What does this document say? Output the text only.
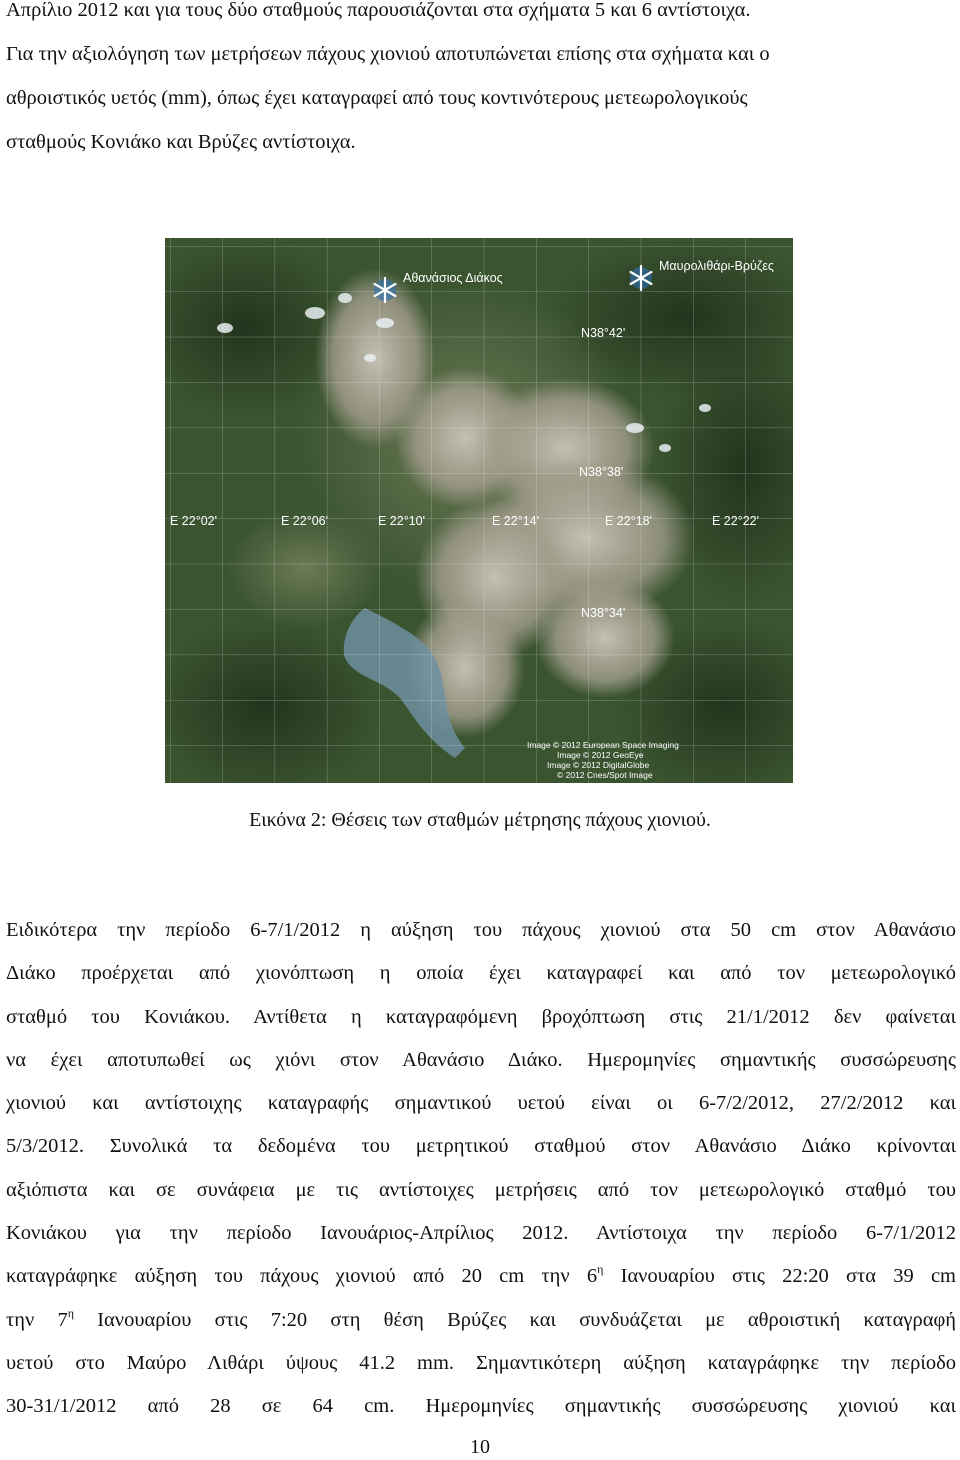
Απρίλιο 2012 και για τους δύο σταθμούς παρουσιάζονται στα σχήματα 5 και 6 αντίστοιχα.
Για την αξιολόγηση των μετρήσεων πάχους χιονιού αποτυπώνεται επίσης στα σχήματα και ο
αθροιστικός υετός (mm), όπως έχει καταγραφεί από τους κοντινότερους μετεωρολογικούς
σταθμούς Κονιάκο και Βρύζες αντίστοιχα.
Αθανάσιος Διάκος
Μαυρολιθάρι-Βρύζες
N38°42'
N38°38'
N38°34'
E 22°02'	E 22°06'	E 22°10'	E 22°14'	E 22°18'	E 22°22'
Image © 2012 European Space Imaging
Image © 2012 GeoEye
Image © 2012 DigitalGlobe
© 2012 Cnes/Spot Image
Εικόνα 2: Θέσεις των σταθμών μέτρησης πάχους χιονιού.
Ειδικότερα την περίοδο 6-7/1/2012 η αύξηση του πάχους χιονιού στα 50 cm στον Αθανάσιο
Διάκο προέρχεται από χιονόπτωση η οποία έχει καταγραφεί και από τον μετεωρολογικό
σταθμό του Κονιάκου. Αντίθετα η καταγραφόμενη βροχόπτωση στις 21/1/2012 δεν φαίνεται
να έχει αποτυπωθεί ως χιόνι στον Αθανάσιο Διάκο. Ημερομηνίες σημαντικής συσσώρευσης
χιονιού και αντίστοιχης καταγραφής σημαντικού υετού είναι οι 6-7/2/2012, 27/2/2012 και
5/3/2012. Συνολικά τα δεδομένα του μετρητικού σταθμού στον Αθανάσιο Διάκο κρίνονται
αξιόπιστα και σε συνάφεια με τις αντίστοιχες μετρήσεις από τον μετεωρολογικό σταθμό του
Κονιάκου για την περίοδο Ιανουάριος-Απρίλιος 2012. Αντίστοιχα την περίοδο 6-7/1/2012
καταγράφηκε αύξηση του πάχους χιονιού από 20 cm την $6^\eta$ Ιανουαρίου στις 22:20 στα 39 cm
την $7^\eta$ Ιανουαρίου στις 7:20 στη θέση Βρύζες και συνδυάζεται με αθροιστική καταγραφή
υετού στο Μαύρο Λιθάρι ύψους 41.2 mm. Σημαντικότερη αύξηση καταγράφηκε την περίοδο
30-31/1/2012 από 28 σε 64 cm. Ημερομηνίες σημαντικής συσσώρευσης χιονιού και
10
